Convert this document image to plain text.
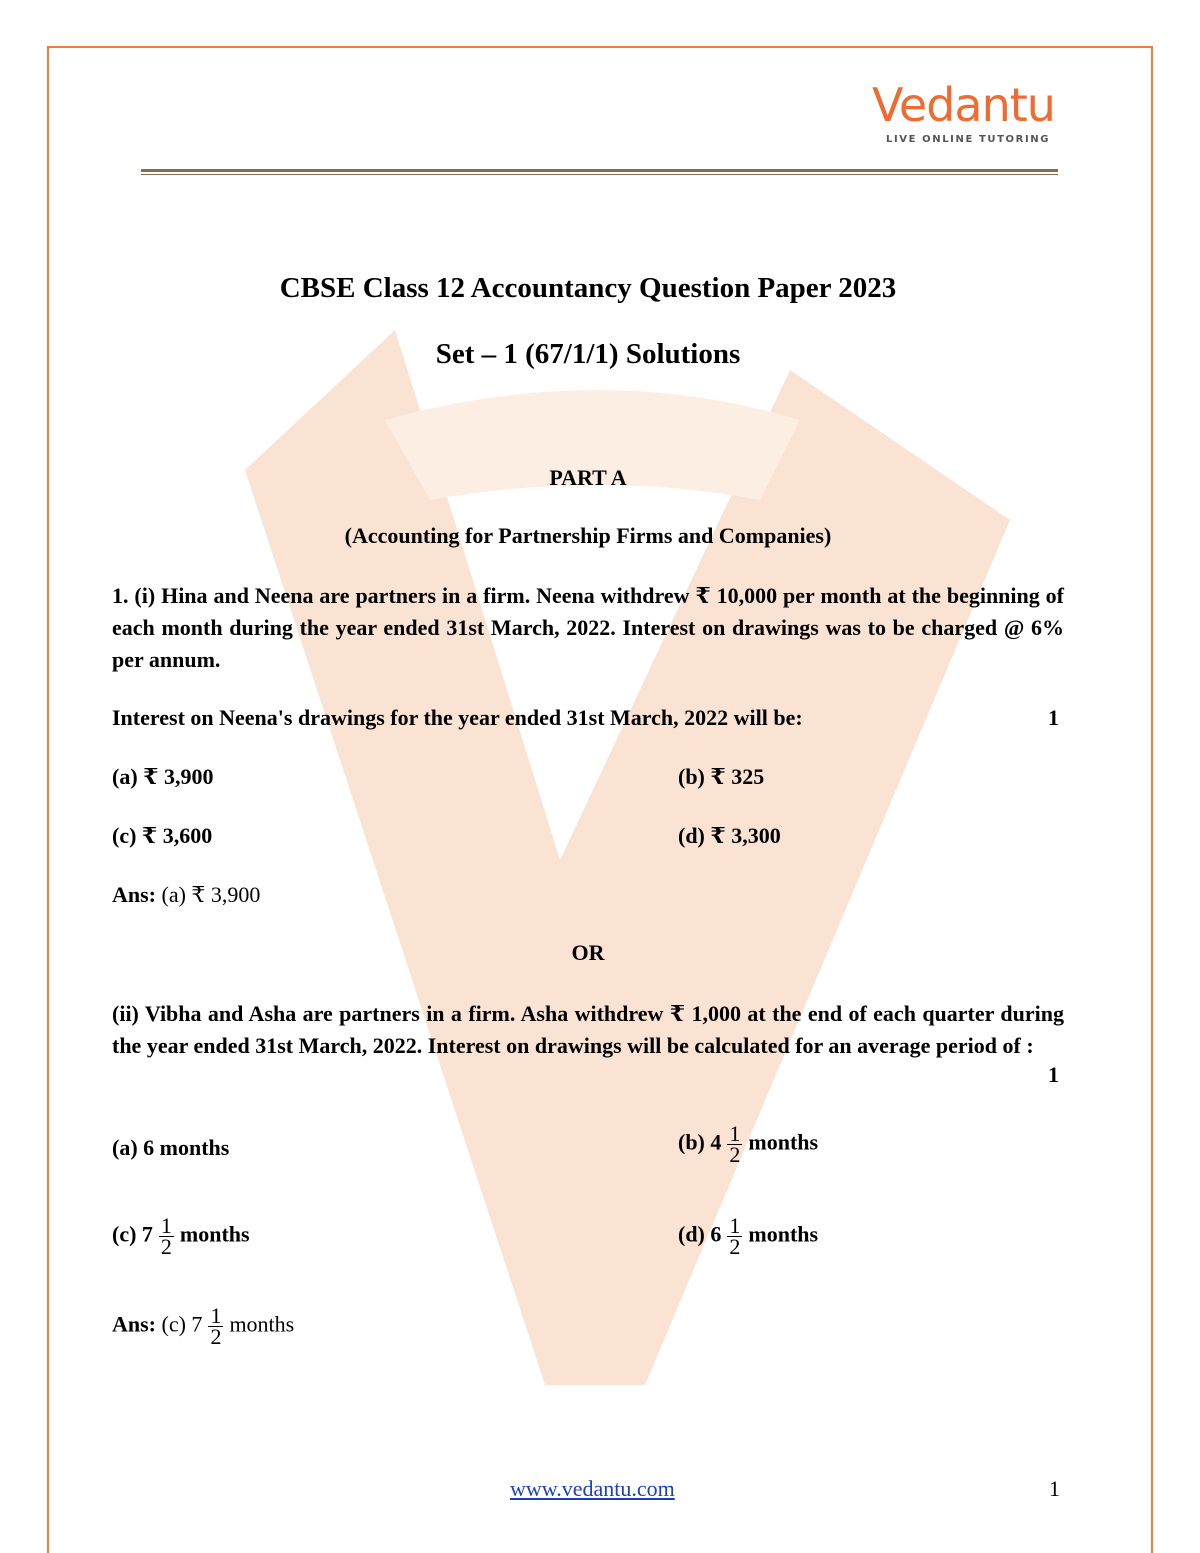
Vedantu
LIVE ONLINE TUTORING
CBSE Class 12 Accountancy Question Paper 2023
Set – 1 (67/1/1) Solutions
PART A
(Accounting for Partnership Firms and Companies)
1. (i) Hina and Neena are partners in a firm. Neena withdrew ₹ 10,000 per month at the beginning of each month during the year ended 31st March, 2022. Interest on drawings was to be charged @ 6% per annum.
Interest on Neena's drawings for the year ended 31st March, 2022 will be:	1
(a) ₹ 3,900	(b) ₹ 325
(c) ₹ 3,600	(d) ₹ 3,300
Ans: (a) ₹ 3,900
OR
(ii) Vibha and Asha are partners in a firm. Asha withdrew ₹ 1,000 at the end of each quarter during the year ended 31st March, 2022. Interest on drawings will be calculated for an average period of :
1
(a) 6 months	(b) $4 \frac{1}{2}$ months
(c) $7 \frac{1}{2}$ months	(d) $6 \frac{1}{2}$ months
Ans: (c) $7 \frac{1}{2}$ months
www.vedantu.com	1
